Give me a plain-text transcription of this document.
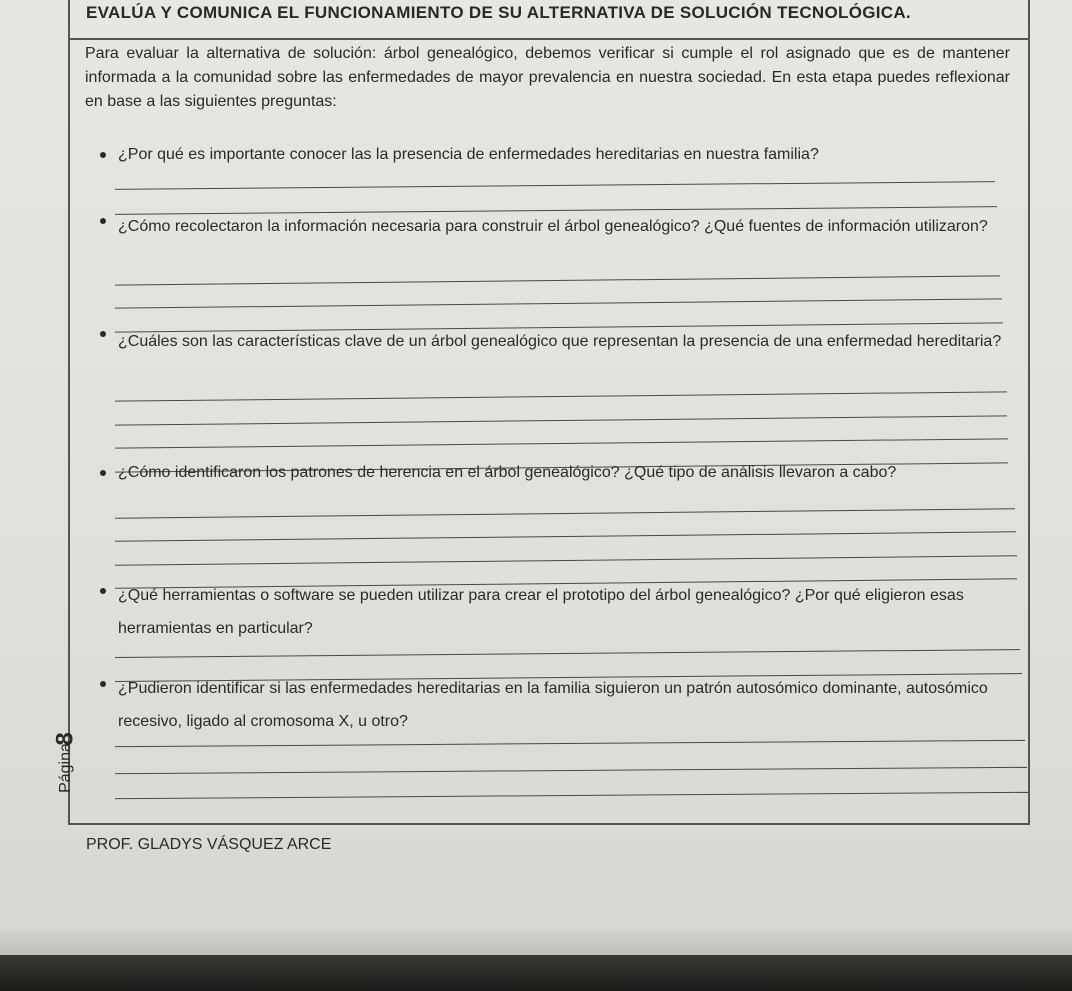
EVALÚA Y COMUNICA EL FUNCIONAMIENTO DE SU ALTERNATIVA DE SOLUCIÓN TECNOLÓGICA.
Para evaluar la alternativa de solución: árbol genealógico, debemos verificar si cumple el rol asignado que es de mantener informada a la comunidad sobre las enfermedades de mayor prevalencia en nuestra sociedad. En esta etapa puedes reflexionar en base a las siguientes preguntas:
¿Por qué es importante conocer las la presencia de enfermedades hereditarias en nuestra familia?
¿Cómo recolectaron la información necesaria para construir el árbol genealógico? ¿Qué fuentes de información utilizaron?
¿Cuáles son las características clave de un árbol genealógico que representan la presencia de una enfermedad hereditaria?
¿Cómo identificaron los patrones de herencia en el árbol genealógico? ¿Qué tipo de análisis llevaron a cabo?
¿Qué herramientas o software se pueden utilizar para crear el prototipo del árbol genealógico? ¿Por qué eligieron esas herramientas en particular?
¿Pudieron identificar si las enfermedades hereditarias en la familia siguieron un patrón autosómico dominante, autosómico recesivo, ligado al cromosoma X, u otro?
8
Página
PROF. GLADYS VÁSQUEZ ARCE
